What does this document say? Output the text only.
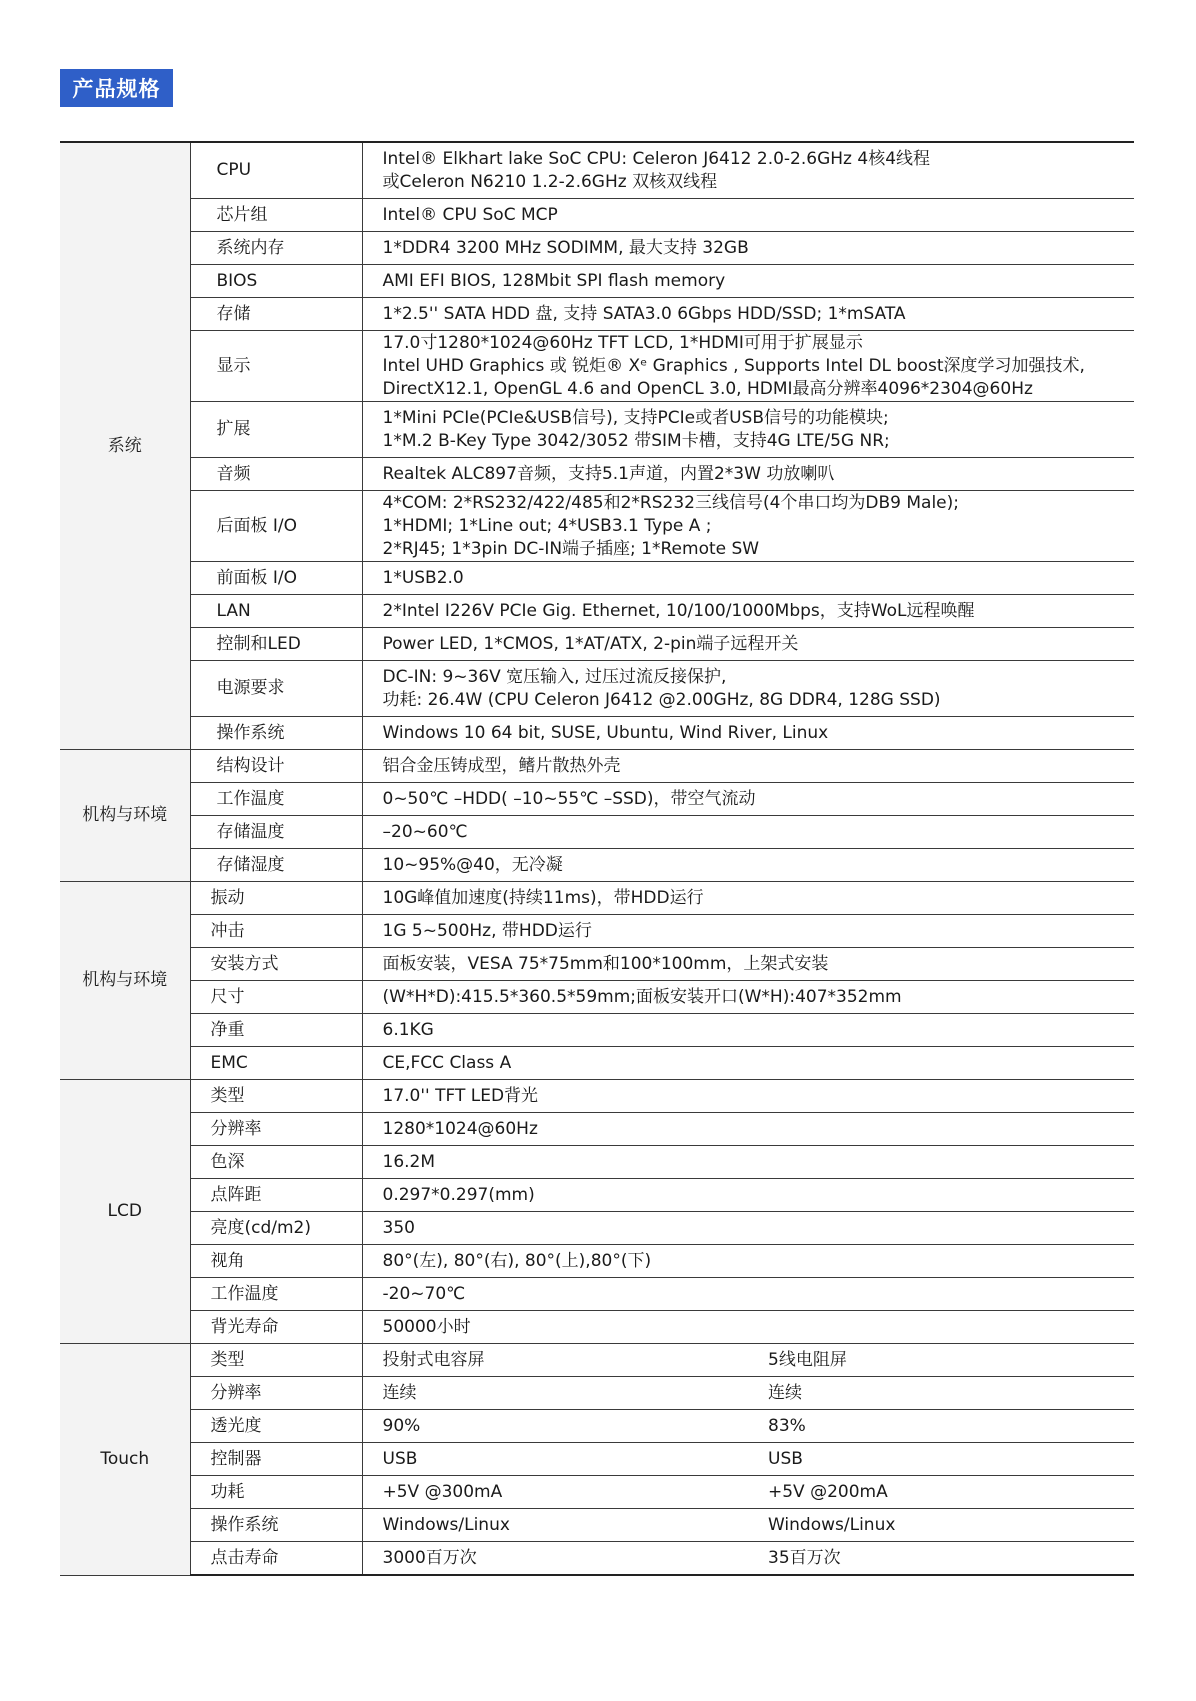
产品规格
系统	CPU	Intel® Elkhart lake SoC CPU: Celeron J6412 2.0-2.6GHz 4核4线程
或Celeron N6210 1.2-2.6GHz 双核双线程	

	芯片组	Intel® CPU SoC MCP	

	系统内存	1*DDR4 3200 MHz SODIMM, 最大支持 32GB	

	BIOS	AMI EFI BIOS, 128Mbit SPI flash memory	

	存储	1*2.5'' SATA HDD 盘, 支持 SATA3.0 6Gbps HDD/SSD; 1*mSATA	

	显示	17.0寸1280*1024@60Hz TFT LCD, 1*HDMI可用于扩展显示
Intel UHD Graphics 或 锐炬® Xᵉ Graphics , Supports Intel DL boost深度学习加强技术,
DirectX12.1, OpenGL 4.6 and OpenCL 3.0, HDMI最高分辨率4096*2304@60Hz	

	扩展	1*Mini PCIe(PCIe&USB信号), 支持PCIe或者USB信号的功能模块;
1*M.2 B-Key Type 3042/3052 带SIM卡槽，支持4G LTE/5G NR;	

	音频	Realtek ALC897音频，支持5.1声道，内置2*3W 功放喇叭	

	后面板 I/O	4*COM: 2*RS232/422/485和2*RS232三线信号(4个串口均为DB9 Male);
1*HDMI; 1*Line out; 4*USB3.1 Type A ;
2*RJ45; 1*3pin DC-IN端子插座; 1*Remote SW	

	前面板 I/O	1*USB2.0	

	LAN	2*Intel I226V PCIe Gig. Ethernet, 10/100/1000Mbps，支持WoL远程唤醒	

	控制和LED	Power LED, 1*CMOS, 1*AT/ATX, 2-pin端子远程开关	

	电源要求	DC-IN: 9~36V 宽压输入, 过压过流反接保护,
功耗: 26.4W (CPU Celeron J6412 @2.00GHz, 8G DDR4, 128G SSD)	

	操作系统	Windows 10 64 bit, SUSE, Ubuntu, Wind River, Linux	

机构与环境	结构设计	铝合金压铸成型，鳍片散热外壳	
	工作温度	0~50℃ –HDD( –10~55℃ –SSD)，带空气流动	
	存储温度	–20~60℃	
	存储湿度	10~95%@40，无冷凝	
机构与环境	振动	10G峰值加速度(持续11ms)，带HDD运行	
	冲击	1G 5~500Hz, 带HDD运行	
	安装方式	面板安装，VESA 75*75mm和100*100mm，上架式安装	
	尺寸	(W*H*D):415.5*360.5*59mm;面板安装开口(W*H):407*352mm	
	净重	6.1KG	
	EMC	CE,FCC Class A	
LCD	类型	17.0'' TFT LED背光	
	分辨率	1280*1024@60Hz	
	色深	16.2M	
	点阵距	0.297*0.297(mm)	
	亮度(cd/m2)	350	
	视角	80°(左), 80°(右), 80°(上),80°(下)	
	工作温度	-20~70℃	
	背光寿命	50000小时	
Touch	类型	投射式电容屏	5线电阻屏
	分辨率	连续	连续
	透光度	90%	83%
	控制器	USB	USB
	功耗	+5V @300mA	+5V @200mA
	操作系统	Windows/Linux	Windows/Linux
	点击寿命	3000百万次	35百万次
